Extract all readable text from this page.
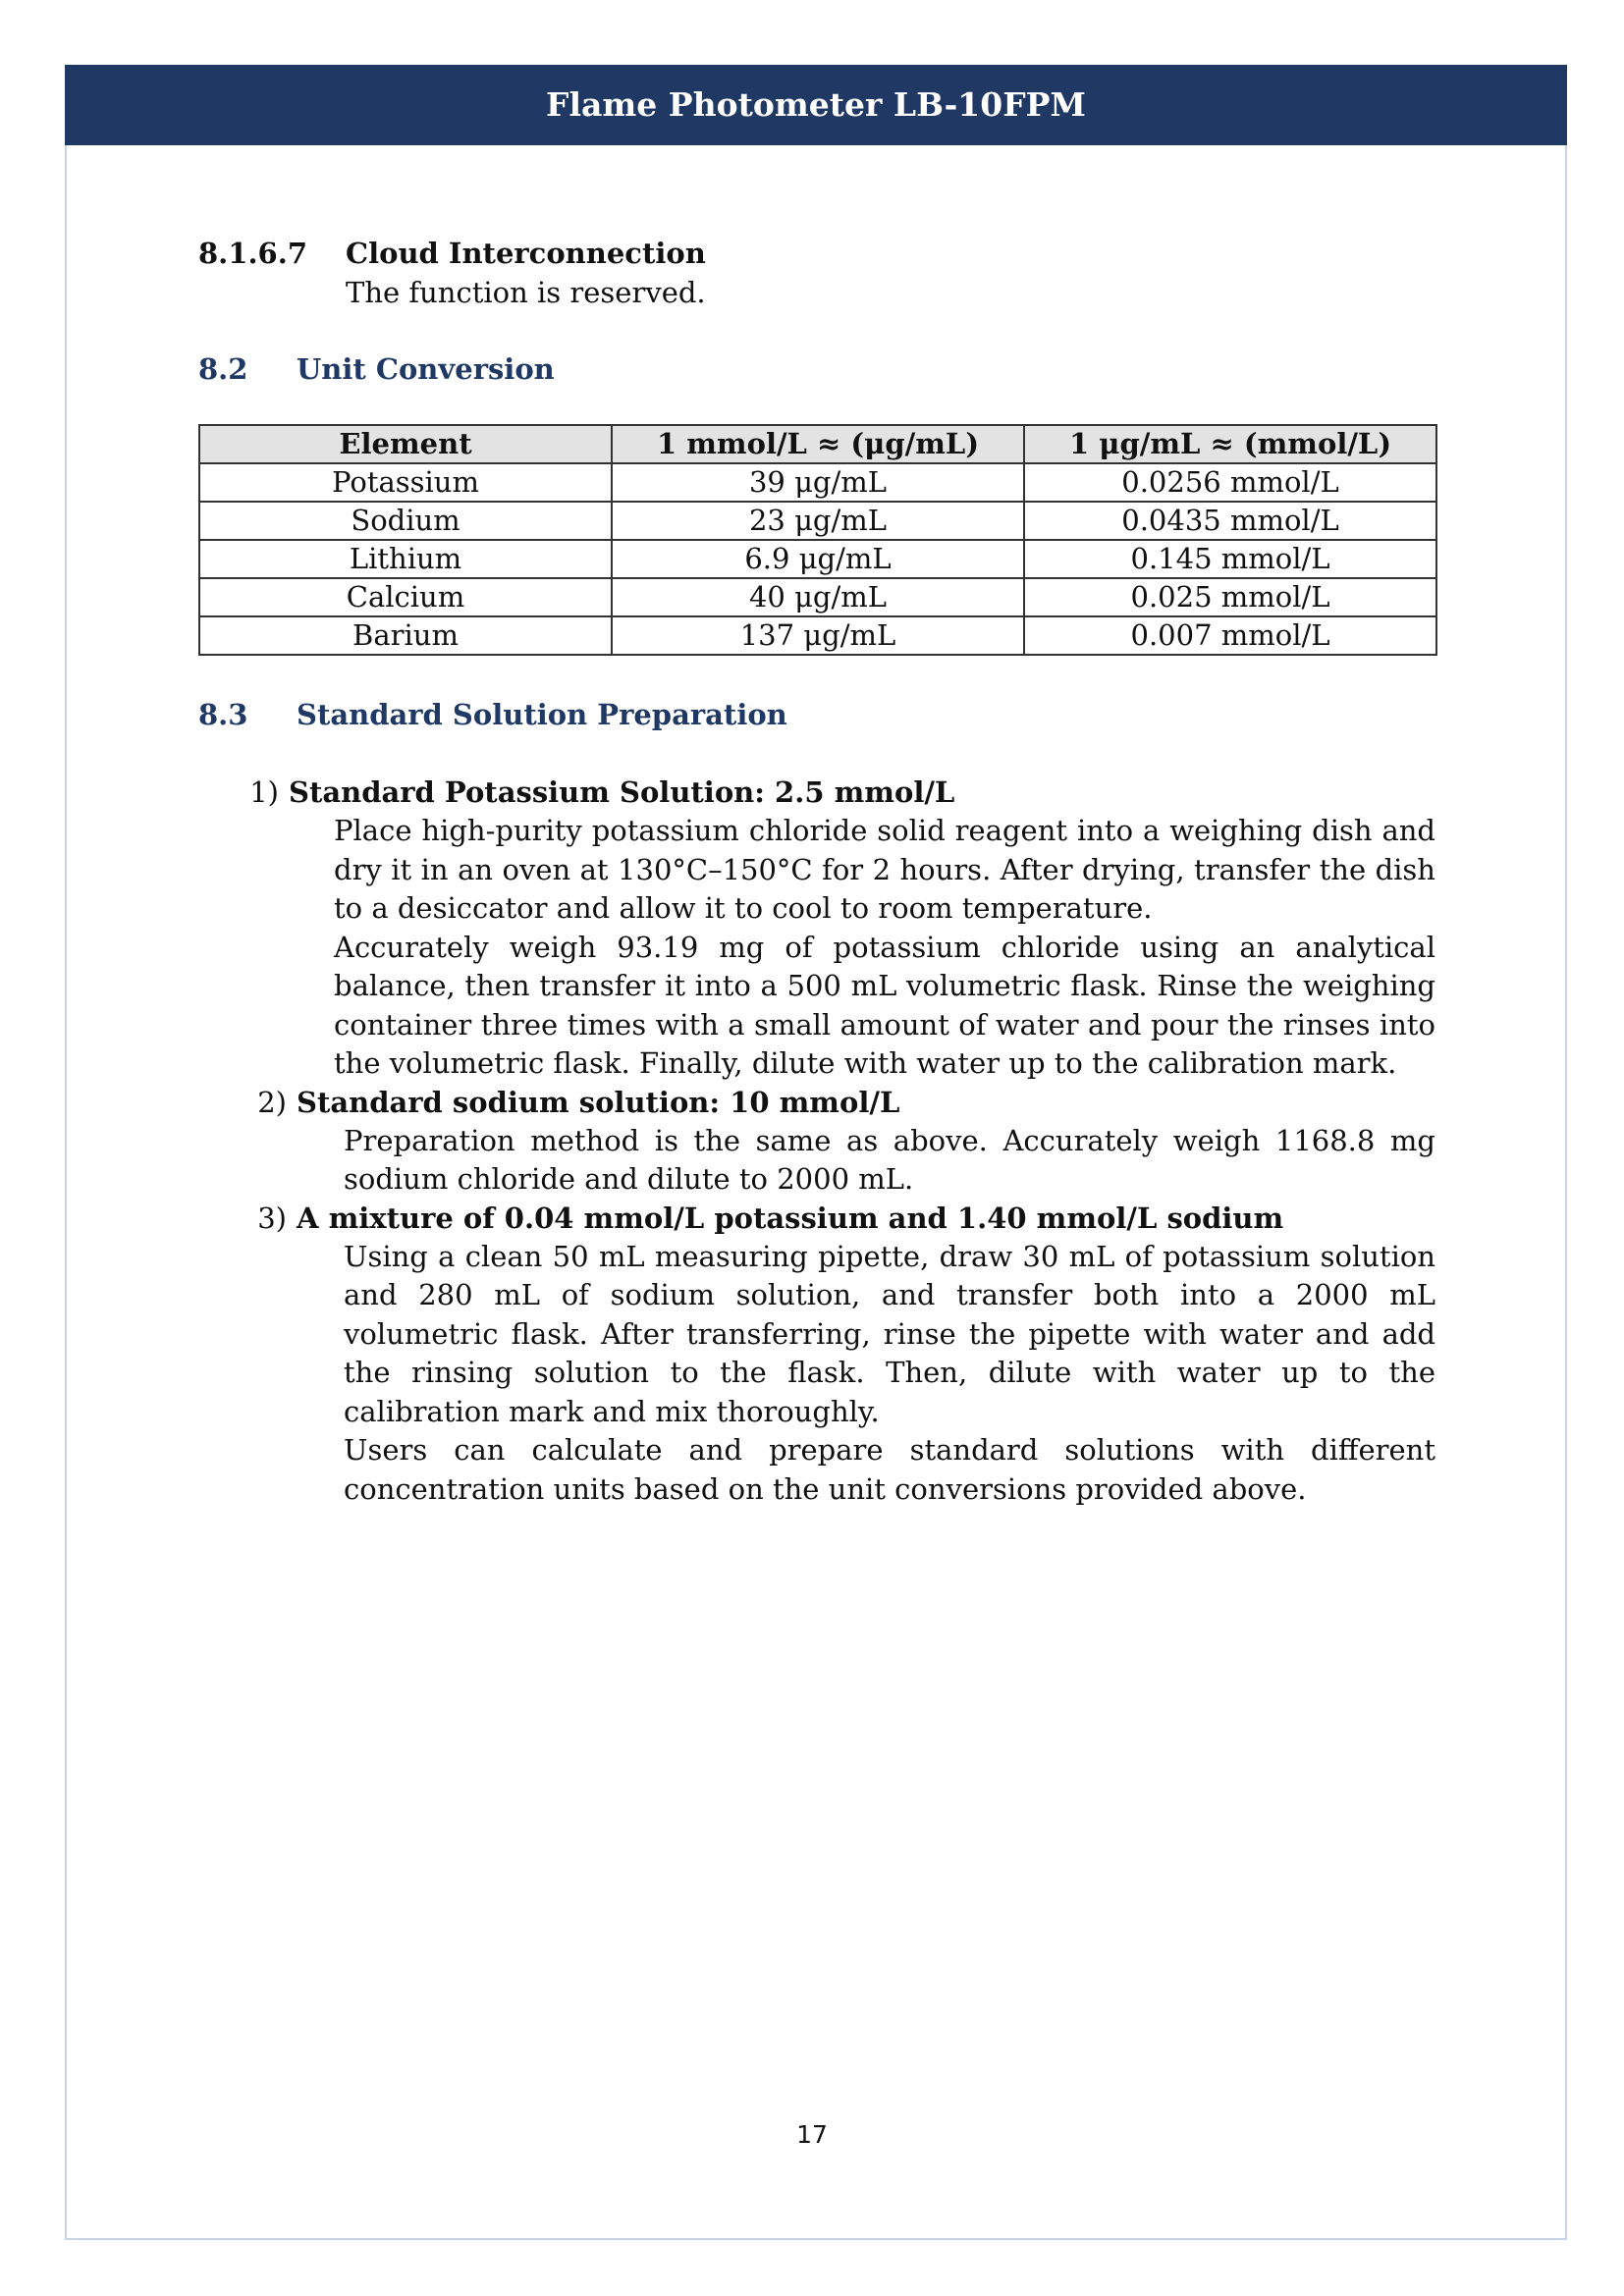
Flame Photometer LB-10FPM
8.1.6.7	Cloud Interconnection
The function is reserved.
8.2	Unit Conversion
Element	1 mmol/L ≈ (μg/mL)	1 μg/mL ≈ (mmol/L)
Potassium	39 μg/mL	0.0256 mmol/L
Sodium	23 μg/mL	0.0435 mmol/L
Lithium	6.9 μg/mL	0.145 mmol/L
Calcium	40 μg/mL	0.025 mmol/L
Barium	137 μg/mL	0.007 mmol/L
8.3	Standard Solution Preparation
1) Standard Potassium Solution: 2.5 mmol/L

Place high-purity potassium chloride solid reagent into a weighing dish and dry it in an oven at 130°C–150°C for 2 hours. After drying, transfer the dish to a desiccator and allow it to cool to room temperature.

Accurately weigh 93.19 mg of potassium chloride using an analytical balance, then transfer it into a 500 mL volumetric flask. Rinse the weighing container three times with a small amount of water and pour the rinses into the volumetric flask. Finally, dilute with water up to the calibration mark.

2) Standard sodium solution: 10 mmol/L

Preparation method is the same as above. Accurately weigh 1168.8 mg sodium chloride and dilute to 2000 mL.

3) A mixture of 0.04 mmol/L potassium and 1.40 mmol/L sodium

Using a clean 50 mL measuring pipette, draw 30 mL of potassium solution and 280 mL of sodium solution, and transfer both into a 2000 mL volumetric flask. After transferring, rinse the pipette with water and add the rinsing solution to the flask. Then, dilute with water up to the calibration mark and mix thoroughly.

Users can calculate and prepare standard solutions with different concentration units based on the unit conversions provided above.

17
